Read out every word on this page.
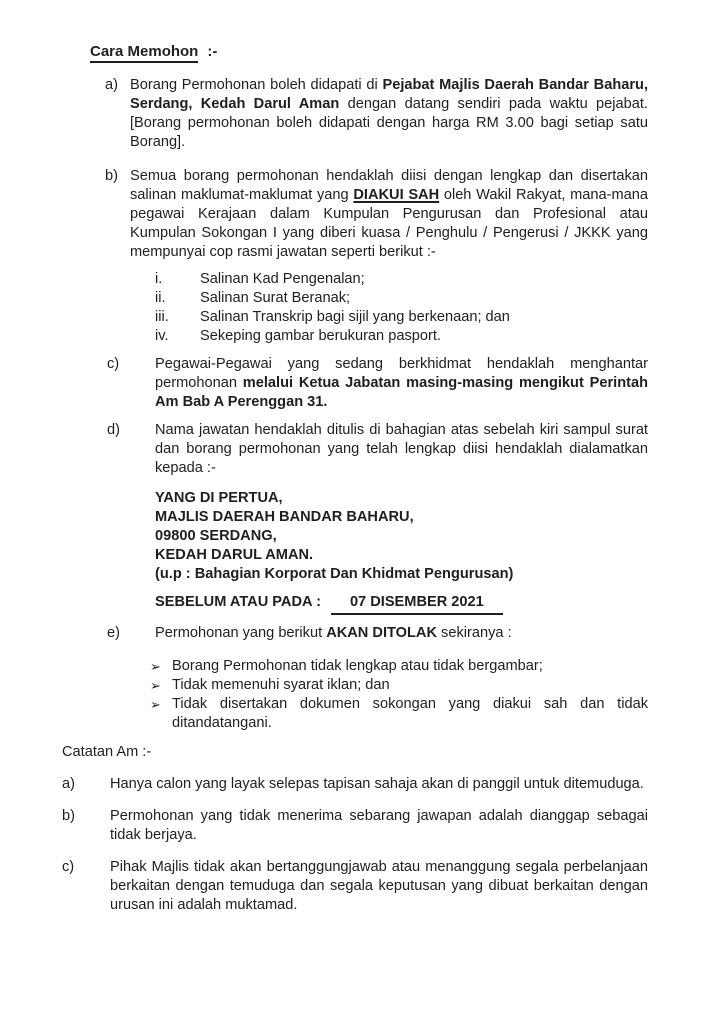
Cara Memohon :-
a) Borang Permohonan boleh didapati di Pejabat Majlis Daerah Bandar Baharu, Serdang, Kedah Darul Aman dengan datang sendiri pada waktu pejabat. [Borang permohonan boleh didapati dengan harga RM 3.00 bagi setiap satu Borang].

b) Semua borang permohonan hendaklah diisi dengan lengkap dan disertakan salinan maklumat-maklumat yang DIAKUI SAH oleh Wakil Rakyat, mana-mana pegawai Kerajaan dalam Kumpulan Pengurusan dan Profesional atau Kumpulan Sokongan I yang diberi kuasa / Penghulu / Pengerusi / JKKK yang mempunyai cop rasmi jawatan seperti berikut :-

i.	Salinan Kad Pengenalan;
ii.	Salinan Surat Beranak;
iii.	Salinan Transkrip bagi sijil yang berkenaan; dan
iv.	Sekeping gambar berukuran pasport.
c)	Pegawai-Pegawai yang sedang berkhidmat hendaklah menghantar permohonan melalui Ketua Jabatan masing-masing mengikut Perintah Am Bab A Perenggan 31.

d)	Nama jawatan hendaklah ditulis di bahagian atas sebelah kiri sampul surat dan borang permohonan yang telah lengkap diisi hendaklah dialamatkan kepada :-

YANG DI PERTUA,
MAJLIS DAERAH BANDAR BAHARU,
09800 SERDANG,
KEDAH DARUL AMAN.
(u.p : Bahagian Korporat Dan Khidmat Pengurusan)
SEBELUM ATAU PADA : 07 DISEMBER 2021
e)	Permohonan yang berikut AKAN DITOLAK sekiranya :

➢ Borang Permohonan tidak lengkap atau tidak bergambar;

➢ Tidak memenuhi syarat iklan; dan

➢ Tidak disertakan dokumen sokongan yang diakui sah dan tidak ditandatangani.

Catatan Am :-
a)	Hanya calon yang layak selepas tapisan sahaja akan di panggil untuk ditemuduga.

b)	Permohonan yang tidak menerima sebarang jawapan adalah dianggap sebagai tidak berjaya.

c)	Pihak Majlis tidak akan bertanggungjawab atau menanggung segala perbelanjaan berkaitan dengan temuduga dan segala keputusan yang dibuat berkaitan dengan urusan ini adalah muktamad.
